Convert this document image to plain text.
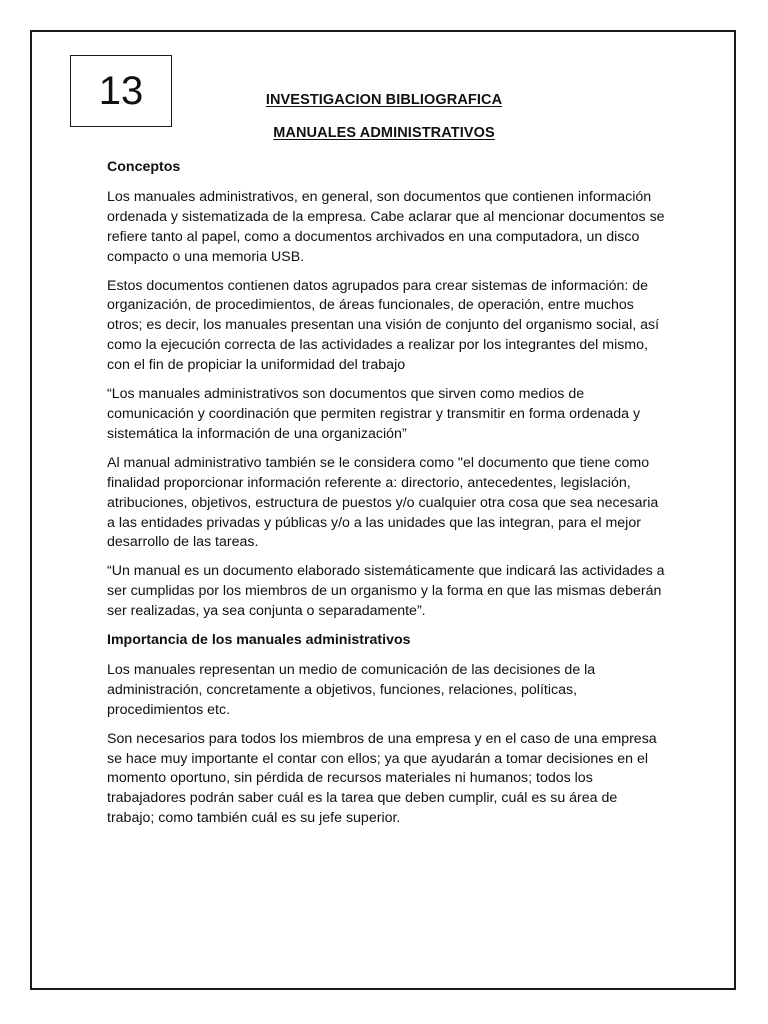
13	INVESTIGACION BIBLIOGRAFICA
MANUALES ADMINISTRATIVOS
Conceptos

Los manuales administrativos, en general, son documentos que contienen información ordenada y sistematizada de la empresa. Cabe aclarar que al mencionar documentos se refiere tanto al papel, como a documentos archivados en una computadora, un disco compacto o una memoria USB.

Estos documentos contienen datos agrupados para crear sistemas de información: de organización, de procedimientos, de áreas funcionales, de operación, entre muchos otros; es decir, los manuales presentan una visión de conjunto del organismo social, así como la ejecución correcta de las actividades a realizar por los integrantes del mismo, con el fin de propiciar la uniformidad del trabajo

“Los manuales administrativos son documentos que sirven como medios de comunicación y coordinación que permiten registrar y transmitir en forma ordenada y sistemática la información de una organización”

Al manual administrativo también se le considera como "el documento que tiene como finalidad proporcionar información referente a: directorio, antecedentes, legislación, atribuciones, objetivos, estructura de puestos y/o cualquier otra cosa que sea necesaria a las entidades privadas y públicas y/o a las unidades que las integran, para el mejor desarrollo de las tareas.

“Un manual es un documento elaborado sistemáticamente que indicará las actividades a ser cumplidas por los miembros de un organismo y la forma en que las mismas deberán ser realizadas, ya sea conjunta o separadamente”.

Importancia de los manuales administrativos

Los manuales representan un medio de comunicación de las decisiones de la administración, concretamente a objetivos, funciones, relaciones, políticas, procedimientos etc.

Son necesarios para todos los miembros de una empresa y en el caso de una empresa se hace muy importante el contar con ellos; ya que ayudarán a tomar decisiones en el momento oportuno, sin pérdida de recursos materiales ni humanos; todos los trabajadores podrán saber cuál es la tarea que deben cumplir, cuál es su área de trabajo; como también cuál es su jefe superior.
